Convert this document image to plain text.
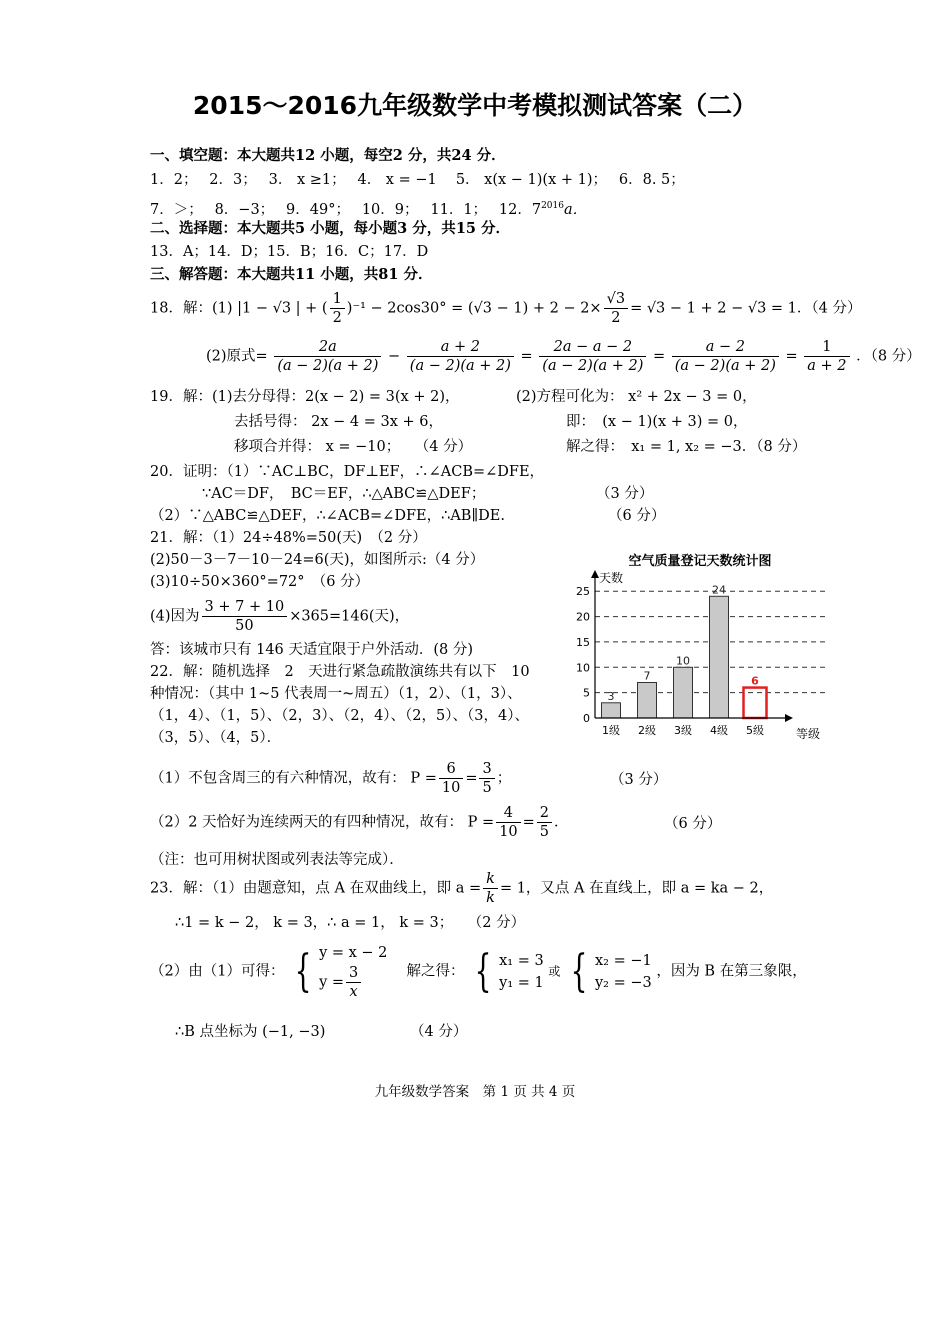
2015～2016九年级数学中考模拟测试答案（二）
一、填空题：本大题共12 小题，每空2 分，共24 分．
1．2；　 2．3；　 3． x ≥1；　 4． x = −1　 5． x(x − 1)(x + 1)；　 6．8. 5；
7．＞；　 8．−3；　 9．49°；　 10．9；　 11．1；　 12．$7^{2016}a$．
二、选择题：本大题共5 小题，每小题3 分，共15 分．
13．A；14．D；15．B；16．C；17．D
三、解答题：本大题共11 小题，共81 分．
18．解：(1) |1 − √3 | + ( $\frac{1}{2} )^{-1} - 2\cos 30^\circ = (√3 - 1) + 2 - 2\times \frac{√3}{2} = √3 - 1 + 2 - √3 = 1$．（4 分）
(2)原式= $\frac{2a}{(a - 2)(a + 2)} - \frac{a + 2}{(a - 2)(a + 2)} = \frac{2a - a - 2}{(a - 2)(a + 2)} = \frac{a - 2}{(a - 2)(a + 2)} = \frac{1}{a + 2}$ ．（8 分）
19．解：(1)去分母得：2(x − 2) = 3(x + 2)，	(2)方程可化为： x² + 2x − 3 = 0，
去括号得： 2x − 4 = 3x + 6，	即：　(x − 1)(x + 3) = 0，
移项合并得： x = −10；　　（4 分）	解之得：　x₁ = 1, x₂ = −3．（8 分）
20．证明：（1）∵AC⊥BC，DF⊥EF，∴∠ACB=∠DFE，
∵AC＝DF，　BC＝EF，∴△ABC≌△DEF；	（3 分）
（2）∵△ABC≌△DEF，∴∠ACB=∠DFE，∴AB∥DE.	（6 分）
21．解：（1）24÷48%=50(天)　（2 分）
(2)50－3－7－10－24=6(天)，如图所示:（4 分）
(3)10÷50×360°=72°　（6 分）
(4)因为 $\frac{3 + 7 + 10}{50} \times 365=146$(天)，
答：该城市只有 146 天适宜限于户外活动．(8 分)
空气质量登记天数统计图
0
5
10
15
20
25
3
7
10
24
6
1级 2级 3级 4级 5级
天数
等级
22．解：随机选择　2　天进行紧急疏散演练共有以下　10
种情况：（其中 1~5 代表周一~周五）（1，2）、（1，3）、
（1，4）、（1，5）、（2，3）、（2，4）、（2，5）、（3，4）、
（3，5）、（4，5）．
（1）不包含周三的有六种情况，故有： $P = \frac{6}{10} = \frac{3}{5}$ ；	（3 分）
（2）2 天恰好为连续两天的有四种情况，故有： $P = \frac{4}{10} = \frac{2}{5}$ ．	（6 分）
（注：也可用树状图或列表法等完成）．
23．解：（1）由题意知，点 A 在双曲线上，即 $a = \frac{k}{k} = 1$，又点 A 在直线上，即 a = ka − 2，
∴1 = k − 2， k = 3，∴ a = 1， k = 3；　　（2 分）
（2）由（1）可得： { y = x − 2
$y = \frac{3}{x}$ 　解之得： { x₁ = 3
y₁ = 1
或 { x₂ = −1
y₂ = −3
，因为 B 在第三象限，
∴B 点坐标为 (−1, −3)	（4 分）
九年级数学答案　第 1 页 共 4 页
